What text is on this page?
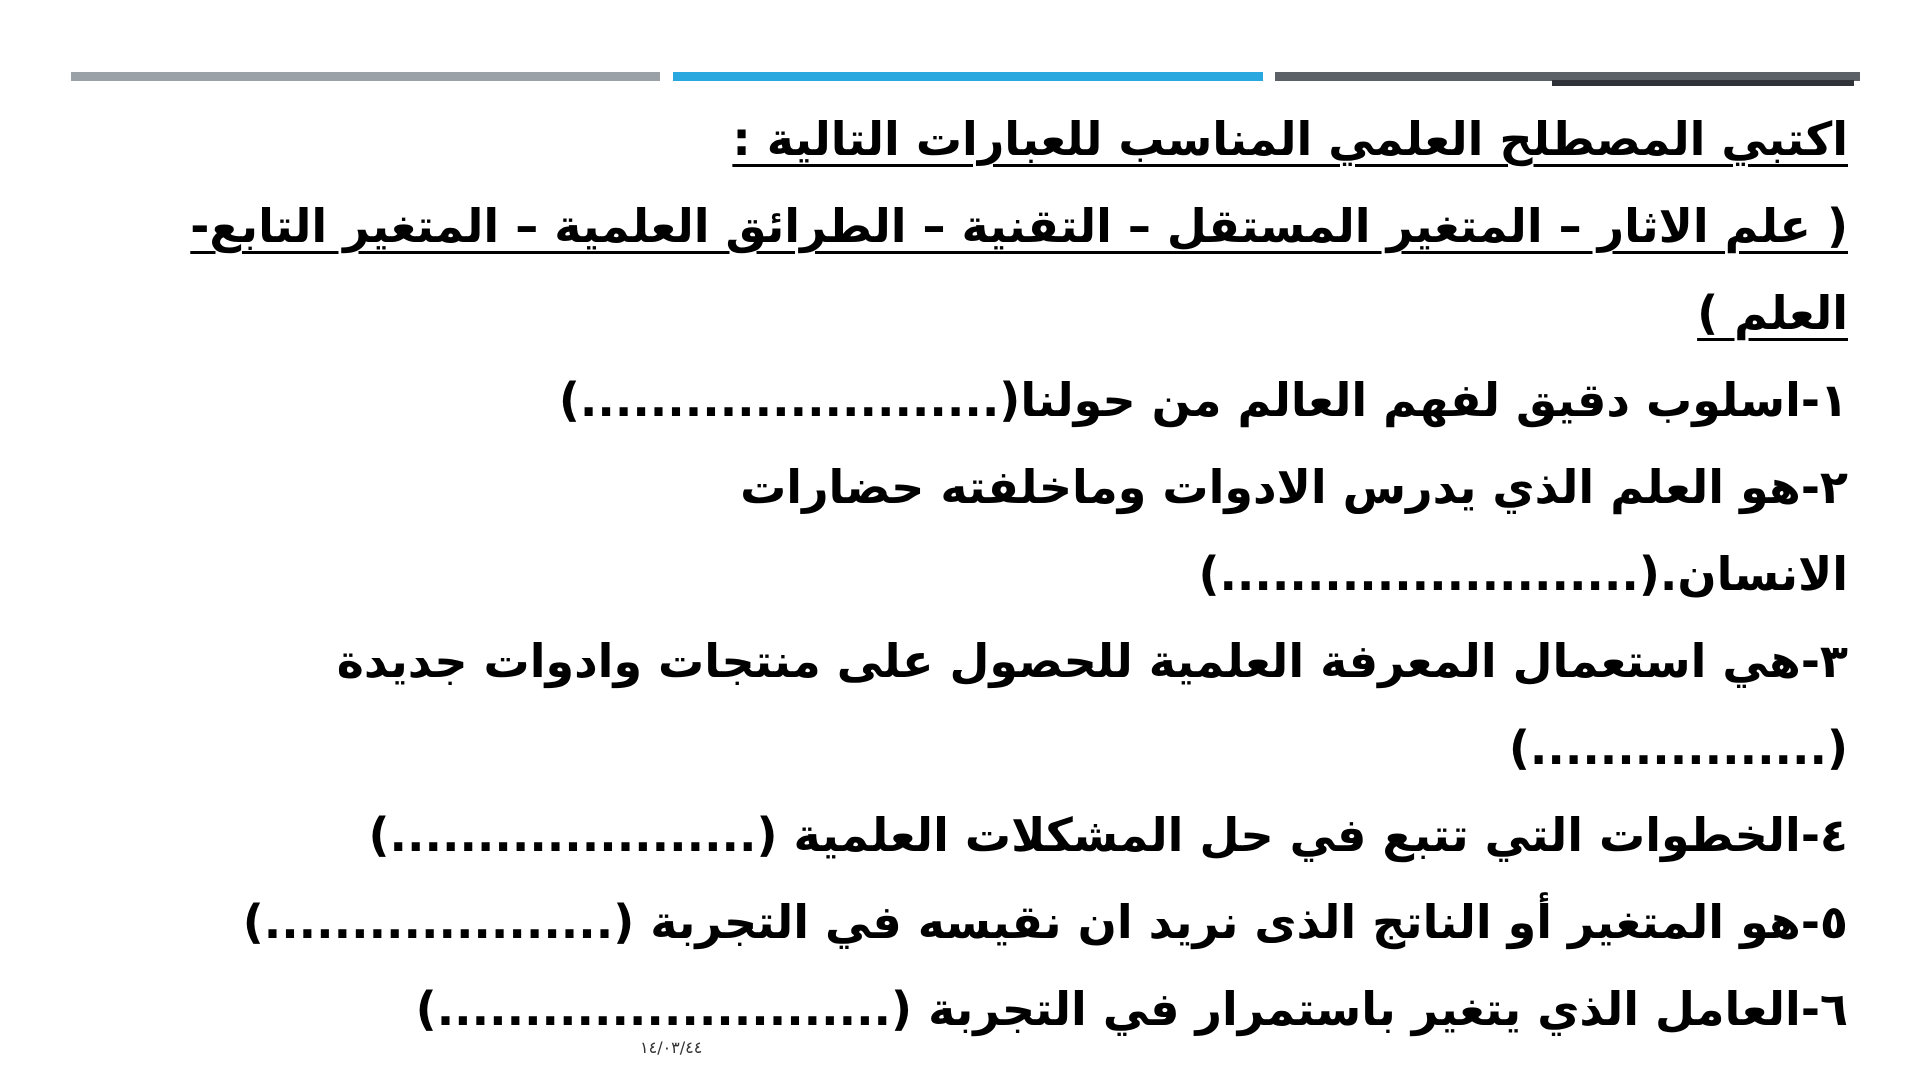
اكتبي المصطلح العلمي المناسب للعبارات التالية :
( علم الاثار – المتغير المستقل – التقنية – الطرائق العلمية – المتغير التابع-
العلم )
١-اسلوب دقيق لفهم العالم من حولنا(........................)
٢-هو العلم الذي يدرس الادوات وماخلفته حضارات
الانسان.(........................)
٣-هي استعمال المعرفة العلمية للحصول على منتجات وادوات جديدة
(.................)
٤-الخطوات التي تتبع في حل المشكلات العلمية (.....................)
٥-هو المتغير أو الناتج الذى نريد ان نقيسه في التجربة (....................)
٦-العامل الذي يتغير باستمرار في التجربة (..........................)
١٤/٠٣/٤٤
